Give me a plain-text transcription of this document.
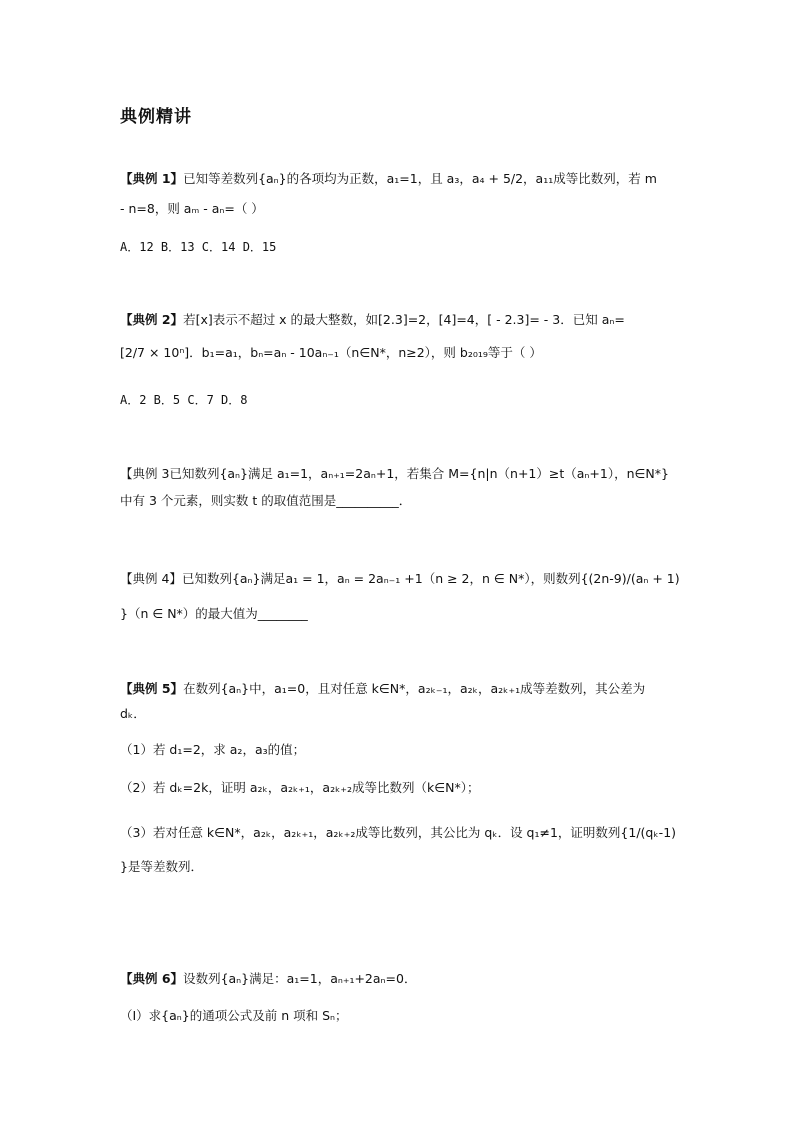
典例精讲
【典例 1】已知等差数列{aₙ}的各项均为正数，a₁=1，且 a₃，a₄ + 5/2，a₁₁成等比数列，若 m
- n=8，则 aₘ - aₙ=（ ）
A．12 B．13 C．14 D．15
【典例 2】若[x]表示不超过 x 的最大整数，如[2.3]=2，[4]=4，[ - 2.3]= - 3．已知 aₙ=
[2/7 × 10ⁿ]．b₁=a₁，bₙ=aₙ - 10aₙ₋₁（n∈N*，n≥2），则 b₂₀₁₉等于（ ）
A．2 B．5 C．7 D．8
【典例 3已知数列{aₙ}满足 a₁=1，aₙ₊₁=2aₙ+1，若集合 M={n|n（n+1）≥t（aₙ+1），n∈N*}
中有 3 个元素，则实数 t 的取值范围是__________．
【典例 4】已知数列{aₙ}满足a₁ = 1，aₙ = 2aₙ₋₁ +1（n ≥ 2，n ∈ N*），则数列{(2n-9)/(aₙ + 1)
}（n ∈ N*）的最大值为________
【典例 5】在数列{aₙ}中，a₁=0，且对任意 k∈N*，a₂ₖ₋₁，a₂ₖ，a₂ₖ₊₁成等差数列，其公差为
dₖ．
（1）若 d₁=2，求 a₂，a₃的值；
（2）若 dₖ=2k，证明 a₂ₖ，a₂ₖ₊₁，a₂ₖ₊₂成等比数列（k∈N*）；
（3）若对任意 k∈N*，a₂ₖ，a₂ₖ₊₁，a₂ₖ₊₂成等比数列，其公比为 qₖ．设 q₁≠1，证明数列{1/(qₖ-1)
}是等差数列．
【典例 6】设数列{aₙ}满足：a₁=1，aₙ₊₁+2aₙ=0．
（Ⅰ）求{aₙ}的通项公式及前 n 项和 Sₙ；
